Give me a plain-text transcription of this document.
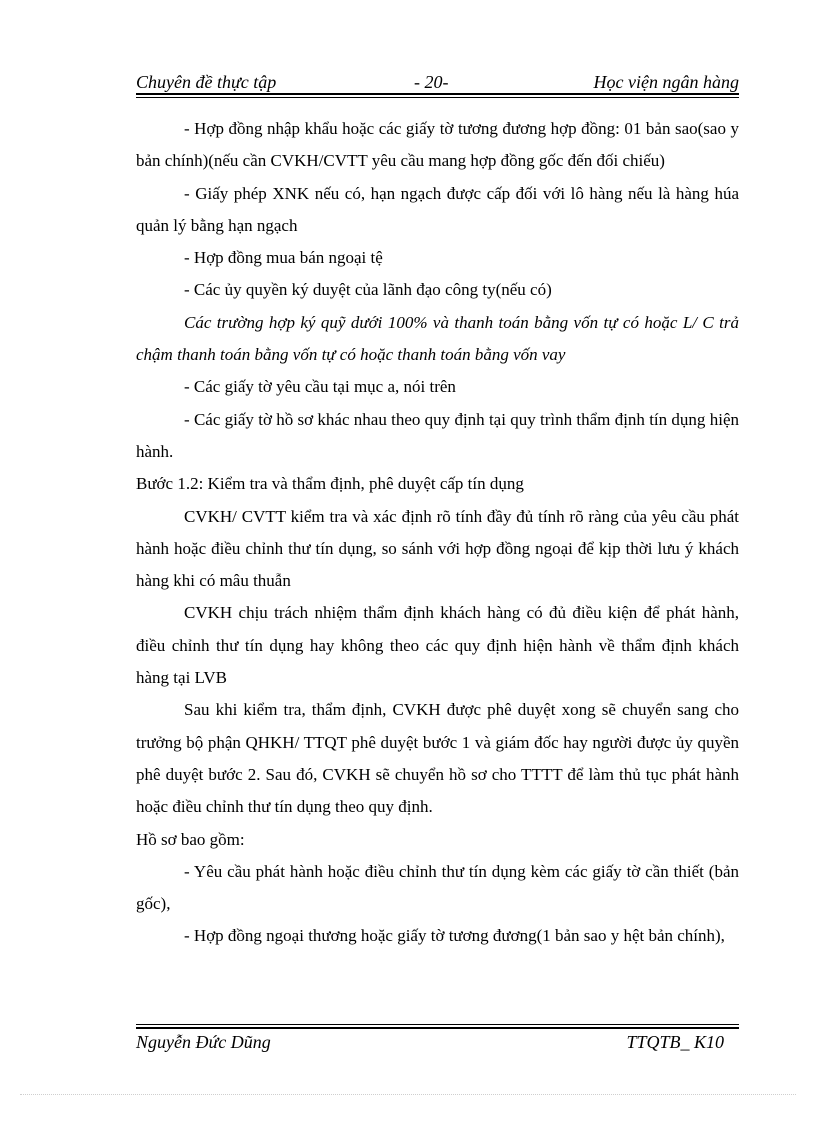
Chuyên đề thực tập	- 20-	Học viện ngân hàng

- Hợp đồng nhập khẩu hoặc các giấy tờ tương đương hợp đồng: 01 bản sao(sao y bản chính)(nếu cần CVKH/CVTT yêu cầu mang hợp đồng gốc đến đối chiếu)

- Giấy phép XNK nếu có, hạn ngạch được cấp đối với lô hàng nếu là hàng húa quản lý bằng hạn ngạch

- Hợp đồng mua bán ngoại tệ

- Các ủy quyền ký duyệt của lãnh đạo công ty(nếu có)

Các trường hợp ký quỹ dưới 100% và thanh toán bằng vốn tự có hoặc L/ C trả chậm thanh toán bằng vốn tự có hoặc thanh toán bằng vốn vay

- Các giấy tờ yêu cầu tại mục a, nói trên

- Các giấy tờ hồ sơ khác nhau theo quy định tại quy trình thẩm định tín dụng hiện hành.

Bước 1.2: Kiểm tra và thẩm định, phê duyệt cấp tín dụng

CVKH/ CVTT kiểm tra và xác định rõ tính đầy đủ tính rõ ràng của yêu cầu phát hành hoặc điều chỉnh thư tín dụng, so sánh với hợp đồng ngoại để kịp thời lưu ý khách hàng khi có mâu thuẫn

CVKH chịu trách nhiệm thẩm định khách hàng có đủ điều kiện để phát hành, điều chỉnh thư tín dụng hay không theo các quy định hiện hành về thẩm định khách hàng tại LVB

Sau khi kiểm tra, thẩm định, CVKH được phê duyệt xong sẽ chuyển sang cho trưởng bộ phận QHKH/ TTQT phê duyệt bước 1 và giám đốc hay người được ủy quyền phê duyệt bước 2. Sau đó, CVKH sẽ chuyển hồ sơ cho TTTT để làm thủ tục phát hành hoặc điều chỉnh thư tín dụng theo quy định.

Hồ sơ bao gồm:

- Yêu cầu phát hành hoặc điều chỉnh thư tín dụng kèm các giấy tờ cần thiết (bản gốc),

- Hợp đồng ngoại thương hoặc giấy tờ tương đương(1 bản sao y hệt bản chính),

Nguyễn Đức Dũng	TTQTB_ K10
